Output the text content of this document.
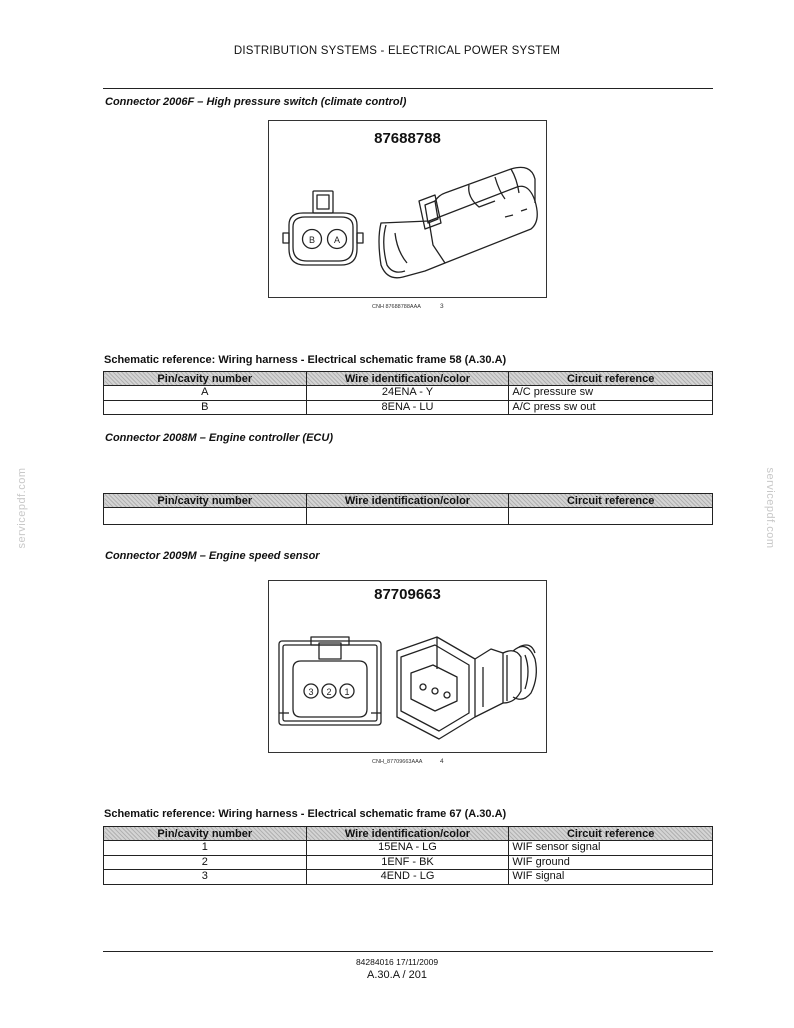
DISTRIBUTION SYSTEMS - ELECTRICAL POWER SYSTEM
servicepdf.com	servicepdf.com
Connector 2006F – High pressure switch (climate control)
87688788
B A
CNH 87688788AAA	3
Schematic reference: Wiring harness - Electrical schematic frame 58 (A.30.A)
Pin/cavity number	Wire identification/color	Circuit reference
A	24ENA - Y	A/C pressure sw
B	8ENA - LU	A/C press sw out
Connector 2008M – Engine controller (ECU)
Pin/cavity number	Wire identification/color	Circuit reference

Connector 2009M – Engine speed sensor
87709663
3 2 1
CNH_87709663AAA	4
Schematic reference: Wiring harness - Electrical schematic frame 67 (A.30.A)
Pin/cavity number	Wire identification/color	Circuit reference
1	15ENA - LG	WIF sensor signal
2	1ENF - BK	WIF ground
3	4END - LG	WIF signal
84284016 17/11/2009
A.30.A / 201
